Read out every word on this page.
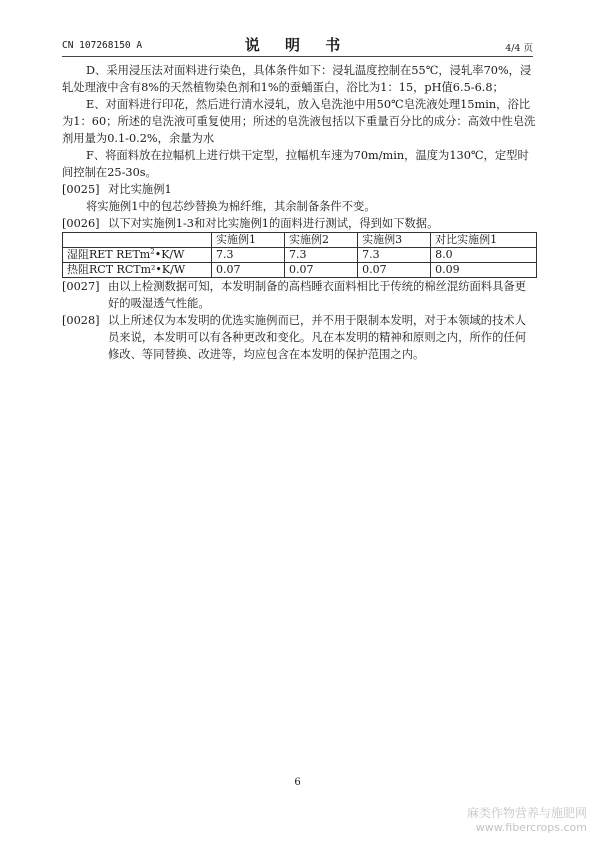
CN 107268150 A	说 明 书	4/4 页

D、采用浸压法对面料进行染色，具体条件如下：浸轧温度控制在55℃，浸轧率70%，浸轧处理液中含有8%的天然植物染色剂和1%的蚕蛹蛋白，浴比为1：15，pH值6.5-6.8；

E、对面料进行印花，然后进行清水浸轧，放入皂洗池中用50℃皂洗液处理15min，浴比为1：60；所述的皂洗液可重复使用；所述的皂洗液包括以下重量百分比的成分：高效中性皂洗剂用量为0.1-0.2%，余量为水

F、将面料放在拉幅机上进行烘干定型，拉幅机车速为70m/min，温度为130℃，定型时间控制在25-30s。

[0025] 对比实施例1

将实施例1中的包芯纱替换为棉纤维，其余制备条件不变。

[0026] 以下对实施例1-3和对比实施例1的面料进行测试，得到如下数据。
	实施例1	实施例2	实施例3	对比实施例1
湿阻RET RETm$^2$•K/W	7.3	7.3	7.3	8.0
热阻RCT RCTm²•K/W	0.07	0.07	0.07	0.09
[0027] 由以上检测数据可知，本发明制备的高档睡衣面料相比于传统的棉丝混纺面料具备更好的吸湿透气性能。
[0028] 以上所述仅为本发明的优选实施例而已，并不用于限制本发明，对于本领域的技术人员来说，本发明可以有各种更改和变化。凡在本发明的精神和原则之内，所作的任何修改、等同替换、改进等，均应包含在本发明的保护范围之内。
6
麻类作物营养与施肥网
www.fibercrops.com
